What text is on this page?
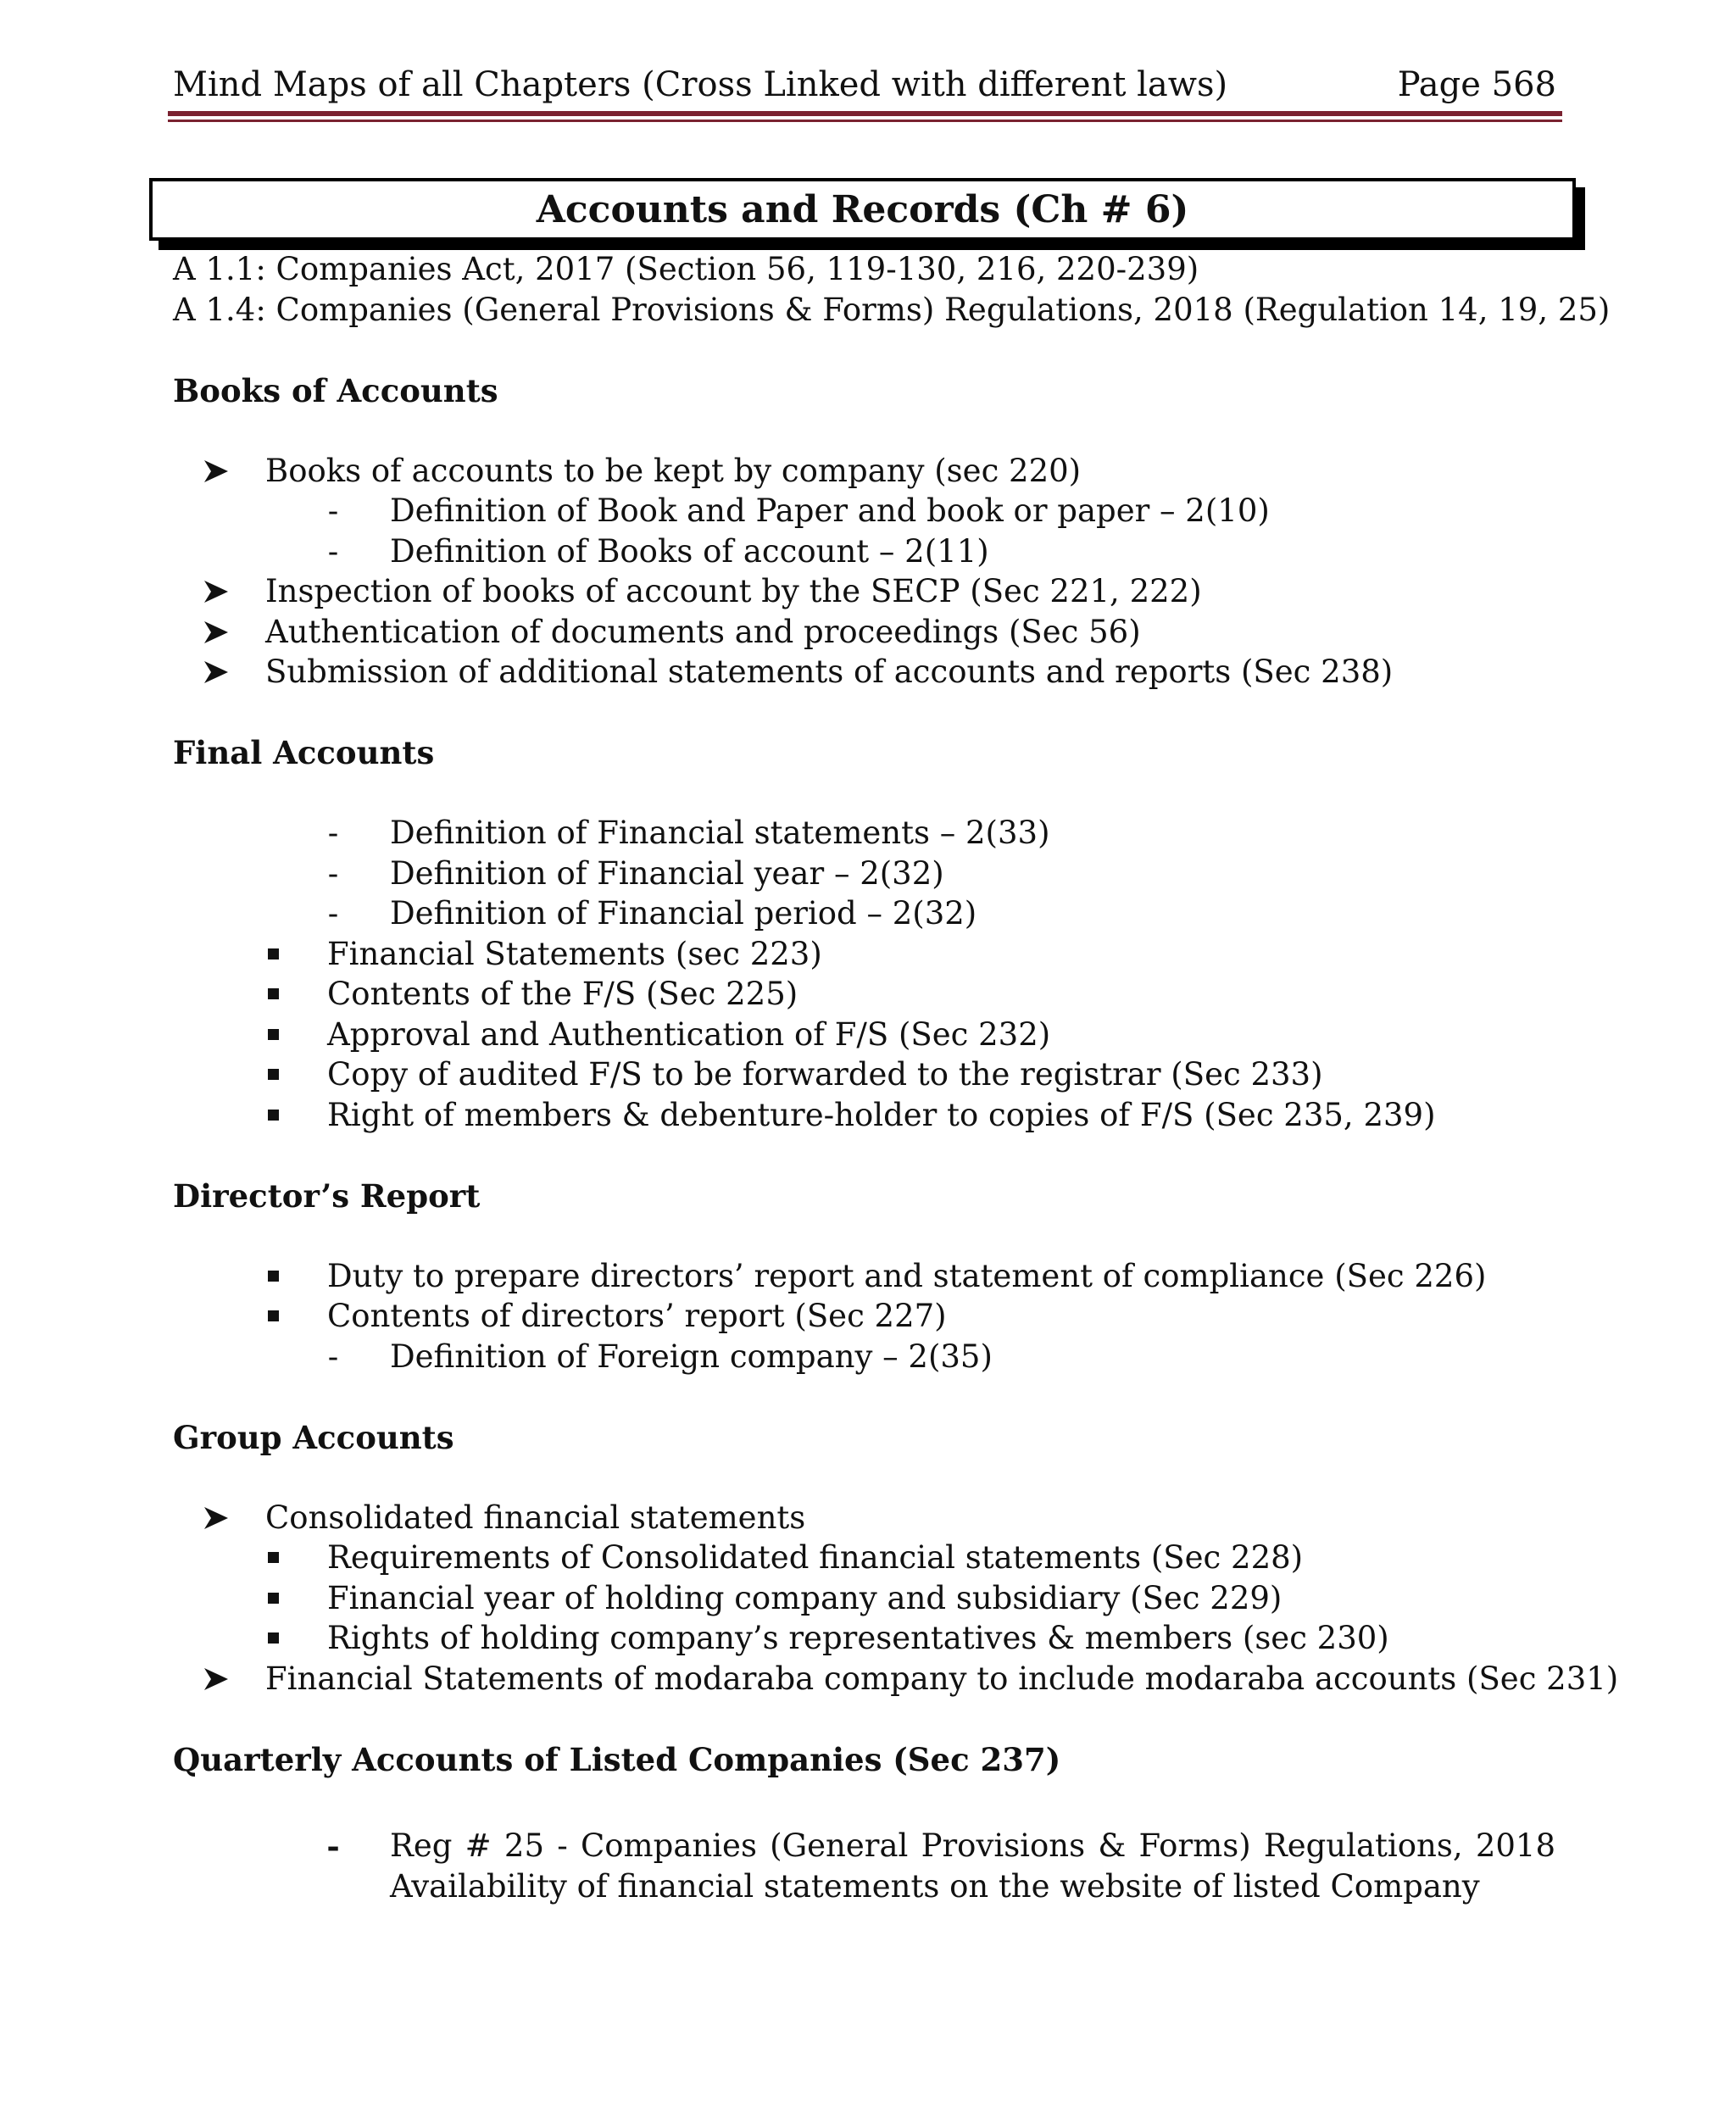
Mind Maps of all Chapters (Cross Linked with different laws)	Page 568
Accounts and Records (Ch # 6)
A 1.1: Companies Act, 2017 (Section 56, 119-130, 216, 220-239)
A 1.4: Companies (General Provisions & Forms) Regulations, 2018 (Regulation 14, 19, 25)
Books of Accounts
Books of accounts to be kept by company (sec 220)
- Definition of Book and Paper and book or paper – 2(10)
- Definition of Books of account – 2(11)
Inspection of books of account by the SECP (Sec 221, 222)
Authentication of documents and proceedings (Sec 56)
Submission of additional statements of accounts and reports (Sec 238)
Final Accounts
- Definition of Financial statements – 2(33)
- Definition of Financial year – 2(32)
- Definition of Financial period – 2(32)
Financial Statements (sec 223)
Contents of the F/S (Sec 225)
Approval and Authentication of F/S (Sec 232)
Copy of audited F/S to be forwarded to the registrar (Sec 233)
Right of members & debenture-holder to copies of F/S (Sec 235, 239)
Director’s Report
Duty to prepare directors’ report and statement of compliance (Sec 226)
Contents of directors’ report (Sec 227)
- Definition of Foreign company – 2(35)
Group Accounts
Consolidated financial statements
Requirements of Consolidated financial statements (Sec 228)
Financial year of holding company and subsidiary (Sec 229)
Rights of holding company’s representatives & members (sec 230)
Financial Statements of modaraba company to include modaraba accounts (Sec 231)
Quarterly Accounts of Listed Companies (Sec 237)
- Reg # 25 - Companies (General Provisions & Forms) Regulations, 2018
Availability of financial statements on the website of listed Company
